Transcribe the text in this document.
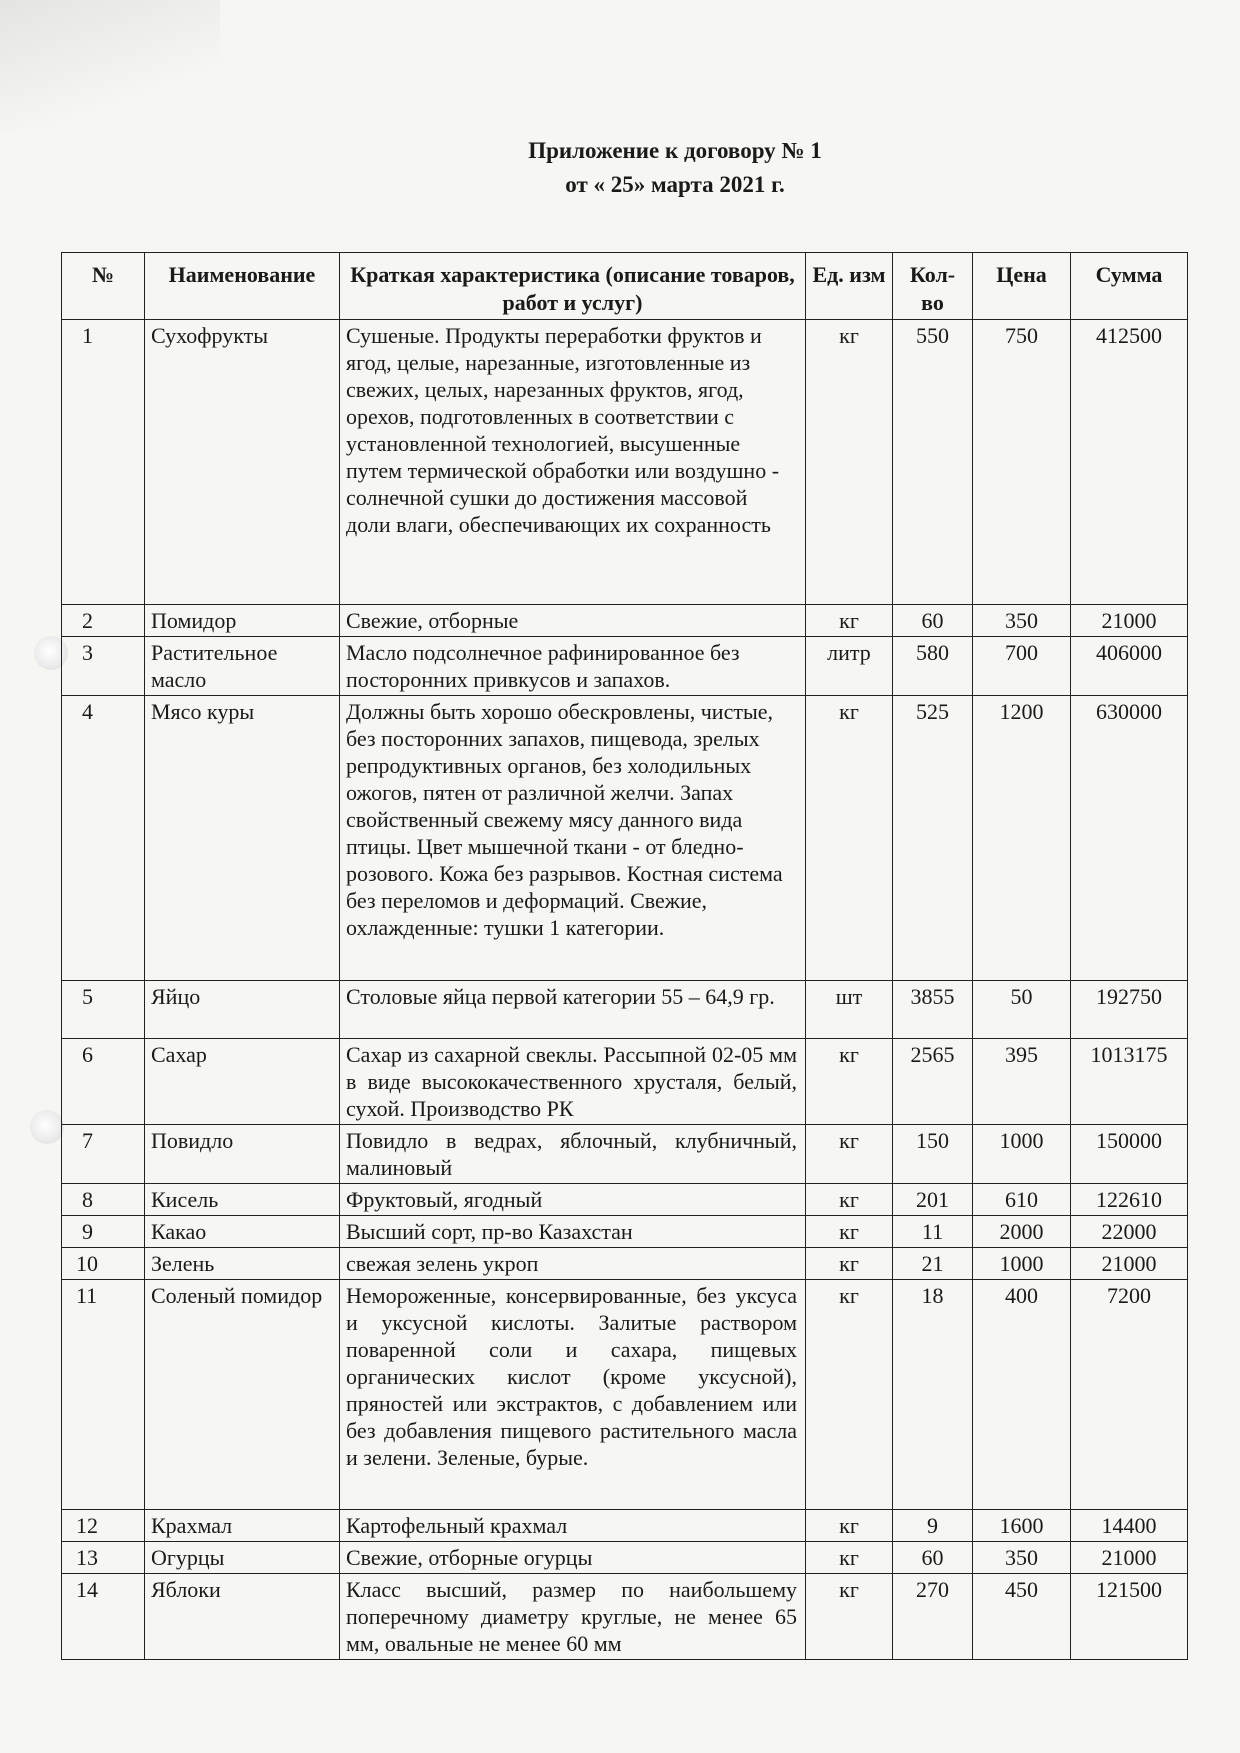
Приложение к договору № 1
от « 25» марта 2021 г.
№	Наименование	Краткая характеристика (описание товаров, работ и услуг)	Ед. изм	Кол-во	Цена	Сумма
1	Сухофрукты	Сушеные. Продукты переработки фруктов и ягод, целые, нарезанные, изготовленные из свежих, целых, нарезанных фруктов, ягод, орехов, подготовленных в соответствии с установленной технологией, высушенные путем термической обработки или воздушно - солнечной сушки до достижения массовой доли влаги, обеспечивающих их сохранность	кг	550	750	412500
2	Помидор	Свежие, отборные	кг	60	350	21000
3	Растительное масло	Масло подсолнечное рафинированное без посторонних привкусов и запахов.	литр	580	700	406000
4	Мясо куры	Должны быть хорошо обескровлены, чистые, без посторонних запахов, пищевода, зрелых репродуктивных органов, без холодильных ожогов, пятен от различной желчи. Запах свойственный свежему мясу данного вида птицы. Цвет мышечной ткани - от бледно-розового. Кожа без разрывов. Костная система без переломов и деформаций. Свежие, охлажденные: тушки 1 категории.	кг	525	1200	630000
5	Яйцо	Столовые яйца первой категории 55 – 64,9 гр.	шт	3855	50	192750
6	Сахар	Сахар из сахарной свеклы. Рассыпной 02-05 мм в виде высококачественного хрусталя, белый, сухой. Производство РК	кг	2565	395	1013175
7	Повидло	Повидло в ведрах, яблочный, клубничный, малиновый	кг	150	1000	150000
8	Кисель	Фруктовый, ягодный	кг	201	610	122610
9	Какао	Высший сорт, пр-во Казахстан	кг	11	2000	22000
10	Зелень	свежая зелень укроп	кг	21	1000	21000
11	Соленый помидор	Немороженные, консервированные, без уксуса и уксусной кислоты. Залитые раствором поваренной соли и сахара, пищевых органических кислот (кроме уксусной), пряностей или экстрактов, с добавлением или без добавления пищевого растительного масла и зелени. Зеленые, бурые.	кг	18	400	7200
12	Крахмал	Картофельный крахмал	кг	9	1600	14400
13	Огурцы	Свежие, отборные огурцы	кг	60	350	21000
14	Яблоки	Класс высший, размер по наибольшему поперечному диаметру круглые, не менее 65 мм, овальные не менее 60 мм	кг	270	450	121500
